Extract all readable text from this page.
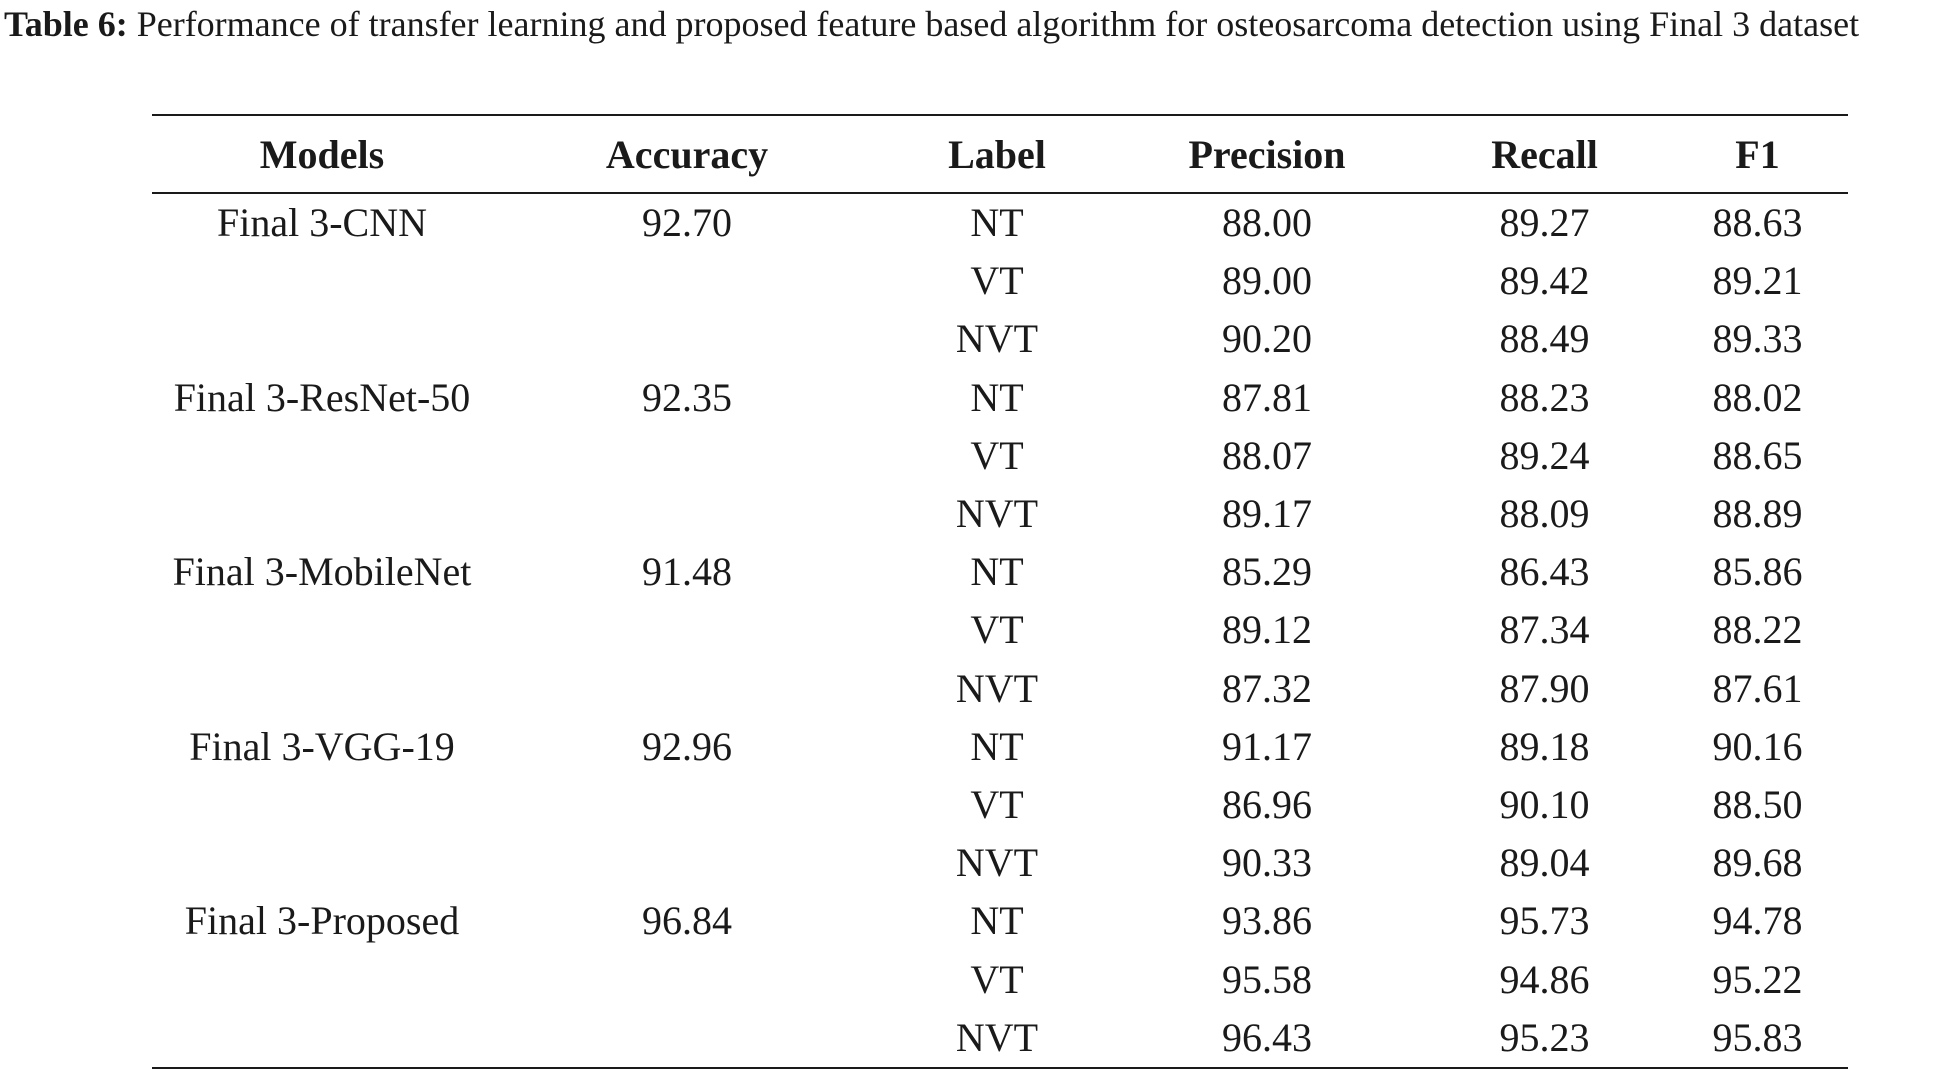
Table 6: Performance of transfer learning and proposed feature based algorithm for osteosarcoma detection using Final 3 dataset

Models	Accuracy	Label	Precision	Recall	F1
Final 3-CNN	92.70	NT	88.00	89.27	88.63
		VT	89.00	89.42	89.21
		NVT	90.20	88.49	89.33
Final 3-ResNet-50	92.35	NT	87.81	88.23	88.02
		VT	88.07	89.24	88.65
		NVT	89.17	88.09	88.89
Final 3-MobileNet	91.48	NT	85.29	86.43	85.86
		VT	89.12	87.34	88.22
		NVT	87.32	87.90	87.61
Final 3-VGG-19	92.96	NT	91.17	89.18	90.16
		VT	86.96	90.10	88.50
		NVT	90.33	89.04	89.68
Final 3-Proposed	96.84	NT	93.86	95.73	94.78
		VT	95.58	94.86	95.22
		NVT	96.43	95.23	95.83
